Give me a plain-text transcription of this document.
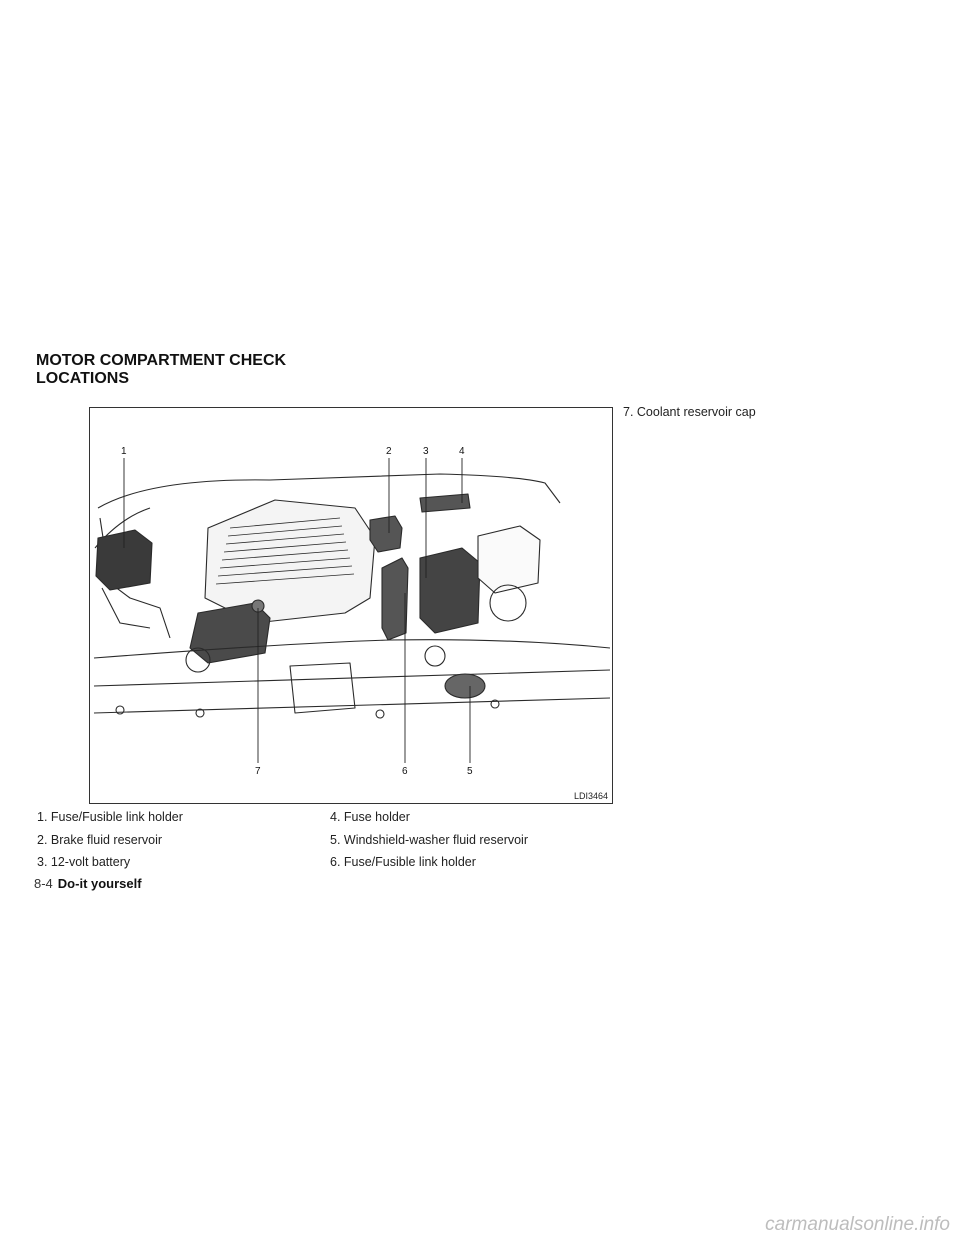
MOTOR COMPARTMENT CHECK
LOCATIONS
1	2	3	4
5
6
7
LDI3464
1. Fuse/Fusible link holder
2. Brake fluid reservoir
3. 12-volt battery
4. Fuse holder
5. Windshield-washer fluid reservoir
6. Fuse/Fusible link holder
7. Coolant reservoir cap
8-4 Do-it yourself
carmanualsonline.info
